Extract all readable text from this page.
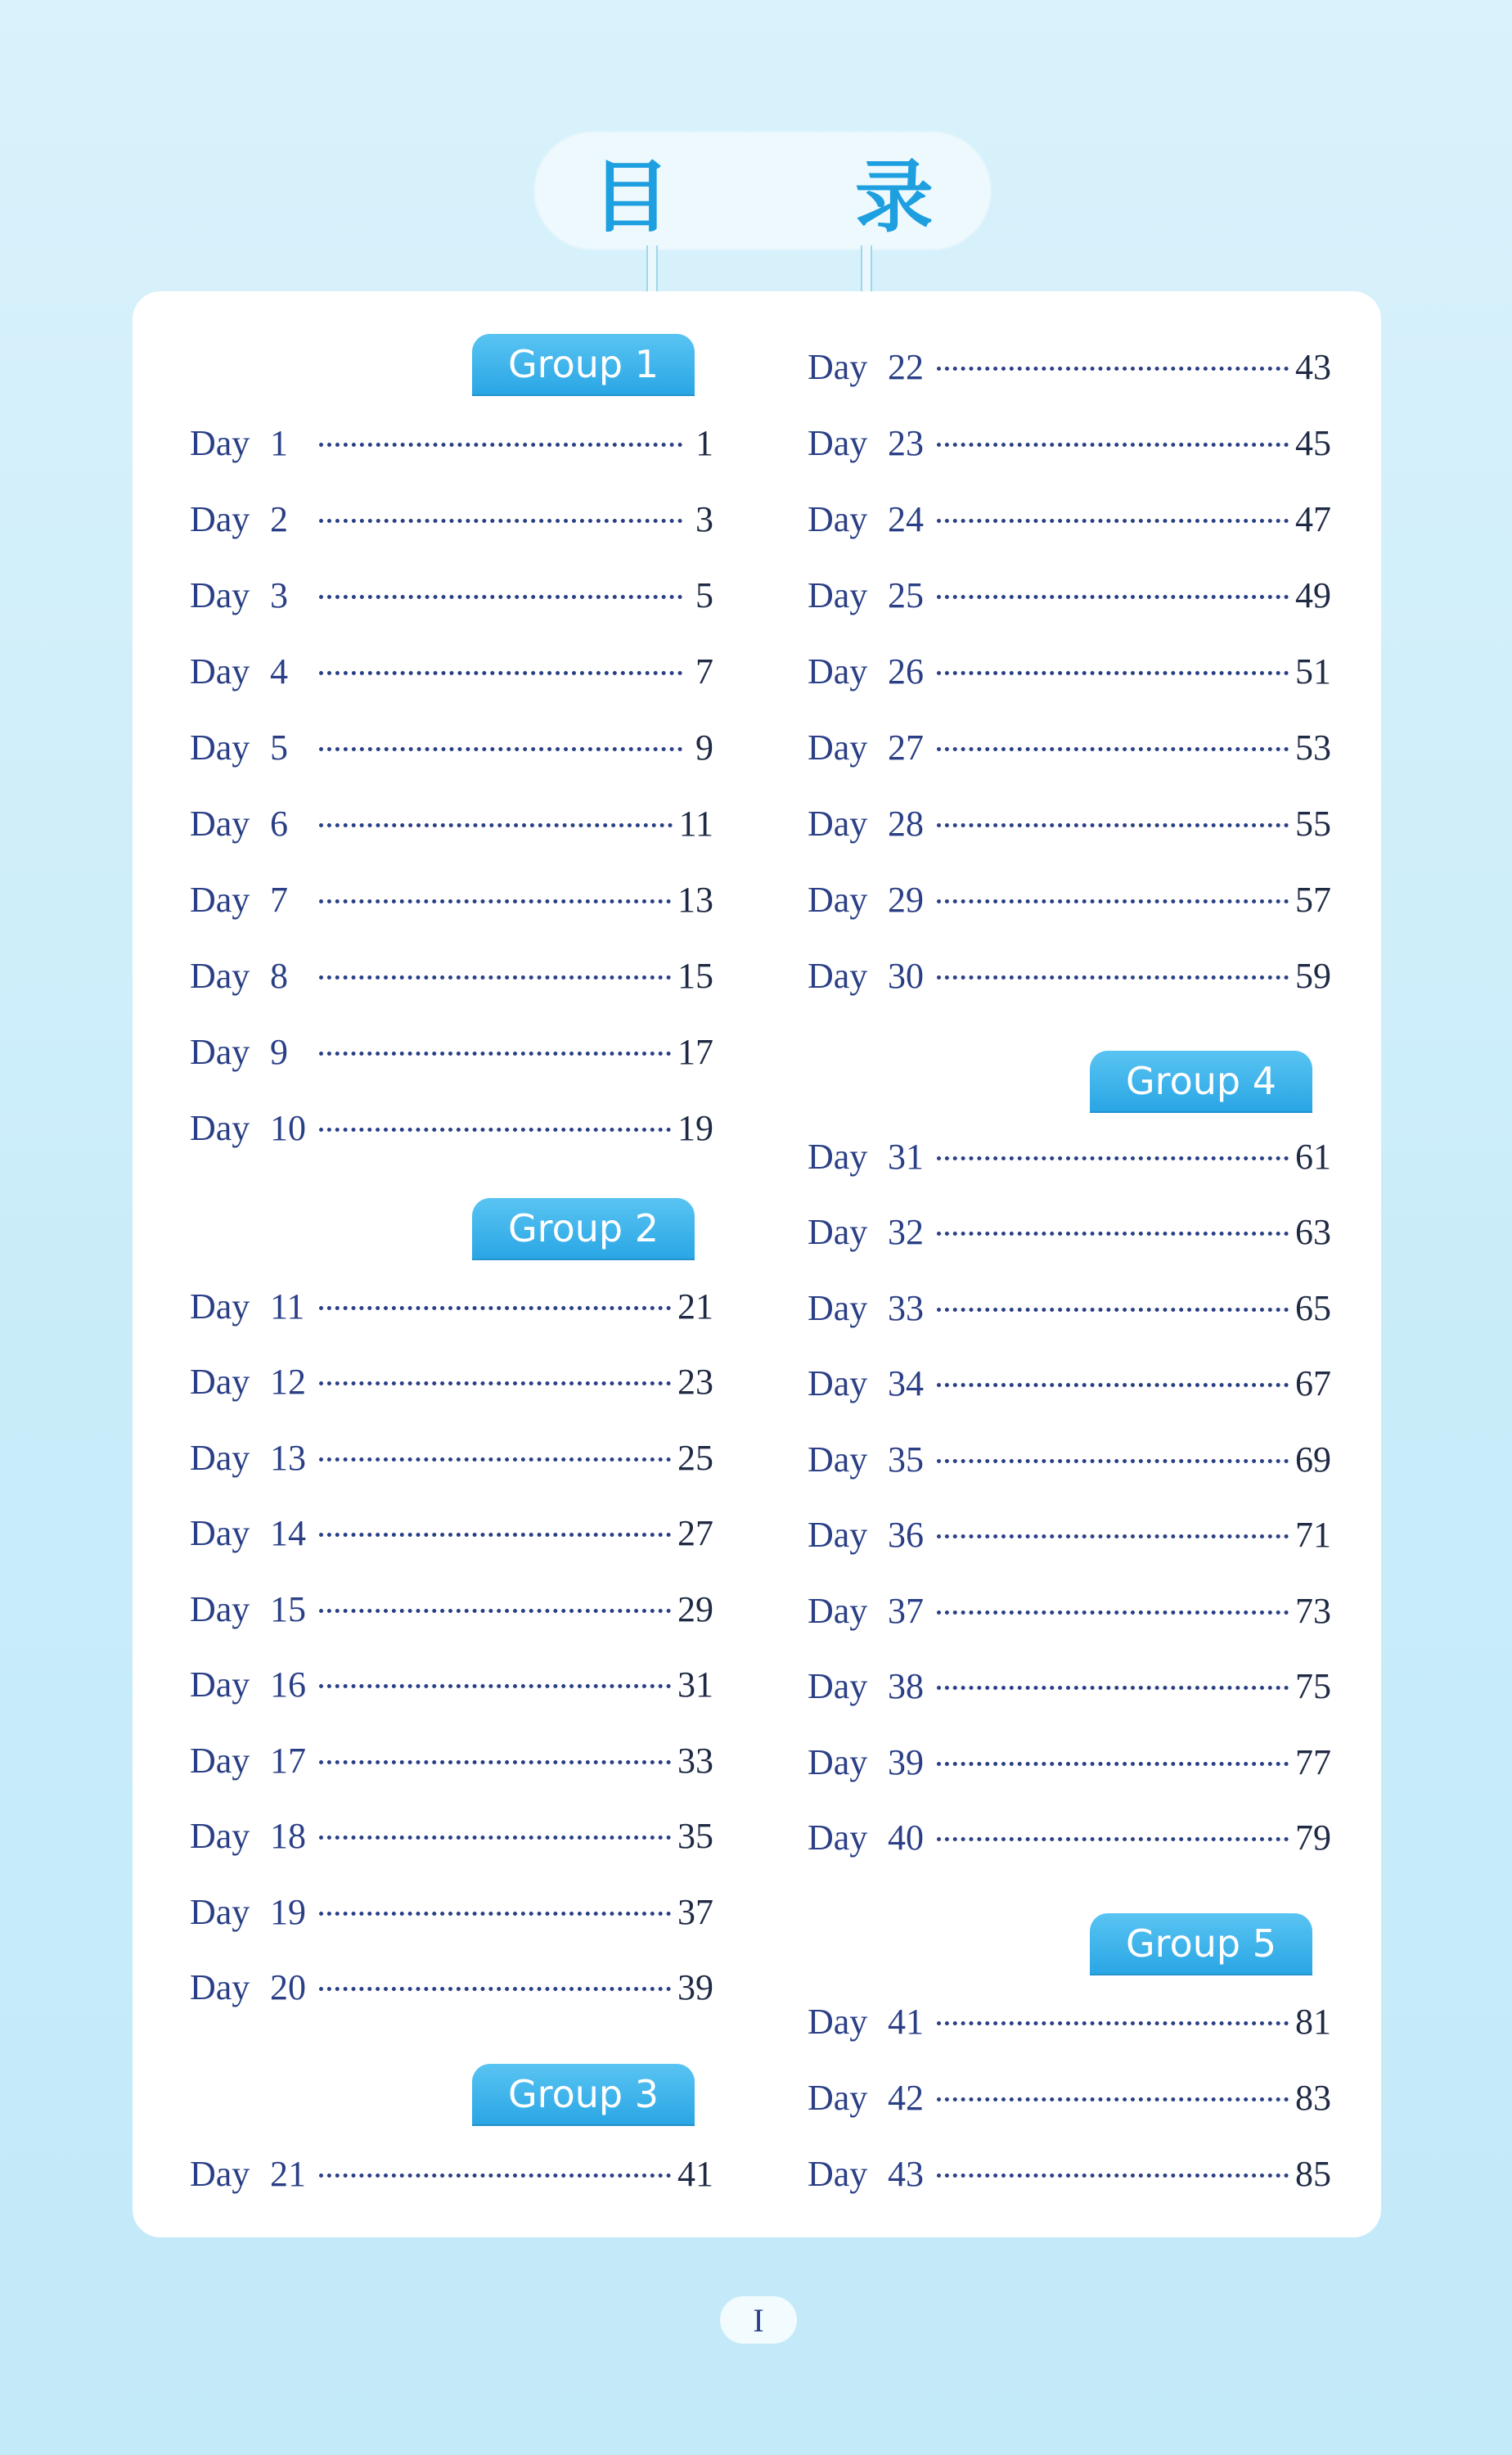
目 录
Group 1
Group 2
Group 3
Day 1	1
Day 2	3
Day 3	5
Day 4	7
Day 5	9
Day 6	11
Day 7	13
Day 8	15
Day 9	17
Day 10	19
Day 11	21
Day 12	23
Day 13	25
Day 14	27
Day 15	29
Day 16	31
Day 17	33
Day 18	35
Day 19	37
Day 20	39
Day 21	41
Group 4
Group 5
Day 22	43
Day 23	45
Day 24	47
Day 25	49
Day 26	51
Day 27	53
Day 28	55
Day 29	57
Day 30	59
Day 31	61
Day 32	63
Day 33	65
Day 34	67
Day 35	69
Day 36	71
Day 37	73
Day 38	75
Day 39	77
Day 40	79
Day 41	81
Day 42	83
Day 43	85
I
